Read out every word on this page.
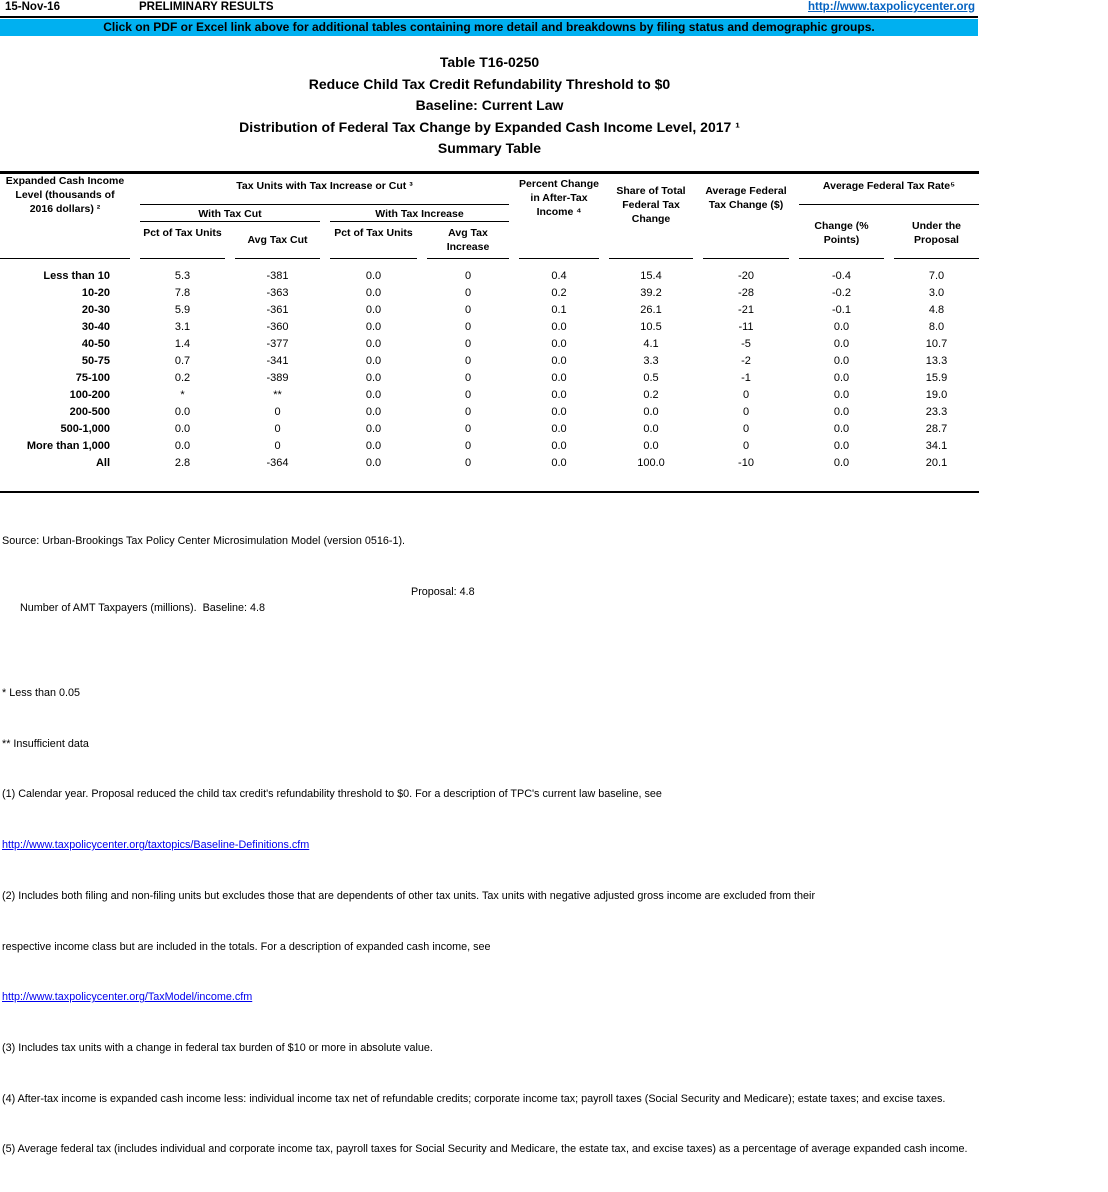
15-Nov-16	PRELIMINARY RESULTS	http://www.taxpolicycenter.org
Click on PDF or Excel link above for additional tables containing more detail and breakdowns by filing status and demographic groups.
Table T16-0250
Reduce Child Tax Credit Refundability Threshold to $0
Baseline: Current Law
Distribution of Federal Tax Change by Expanded Cash Income Level, 2017 ¹
Summary Table
Expanded Cash Income
Level (thousands of
2016 dollars) ²
Tax Units with Tax Increase or Cut ³	Average Federal Tax Rate⁵
With Tax Cut	With Tax Increase
Pct of Tax Units
Avg Tax Cut
Pct of Tax Units	Avg Tax Increase
Percent Change in After-Tax Income ⁴
Share of Total Federal Tax Change
Average Federal Tax Change ($)
Change (% Points)
Under the Proposal
Less than 10	5.3	-381	0.0	0	0.4	15.4	-20	-0.4	7.0
10-20	7.8	-363	0.0	0	0.2	39.2	-28	-0.2	3.0
20-30	5.9	-361	0.0	0	0.1	26.1	-21	-0.1	4.8
30-40	3.1	-360	0.0	0	0.0	10.5	-11	0.0	8.0
40-50	1.4	-377	0.0	0	0.0	4.1	-5	0.0	10.7
50-75	0.7	-341	0.0	0	0.0	3.3	-2	0.0	13.3
75-100	0.2	-389	0.0	0	0.0	0.5	-1	0.0	15.9
100-200	*	**	0.0	0	0.0	0.2	0	0.0	19.0
200-500	0.0	0	0.0	0	0.0	0.0	0	0.0	23.3
500-1,000	0.0	0	0.0	0	0.0	0.0	0	0.0	28.7
More than 1,000	0.0	0	0.0	0	0.0	0.0	0	0.0	34.1
All	2.8	-364	0.0	0	0.0	100.0	-10	0.0	20.1

Source: Urban-Brookings Tax Policy Center Microsimulation Model (version 0516-1).

Number of AMT Taxpayers (millions).  Baseline: 4.8

Proposal: 4.8

* Less than 0.05

** Insufficient data

(1) Calendar year. Proposal reduced the child tax credit's refundability threshold to $0. For a description of TPC's current law baseline, see

http://www.taxpolicycenter.org/taxtopics/Baseline-Definitions.cfm

(2) Includes both filing and non-filing units but excludes those that are dependents of other tax units. Tax units with negative adjusted gross income are excluded from their

respective income class but are included in the totals. For a description of expanded cash income, see

http://www.taxpolicycenter.org/TaxModel/income.cfm

(3) Includes tax units with a change in federal tax burden of $10 or more in absolute value.

(4) After-tax income is expanded cash income less: individual income tax net of refundable credits; corporate income tax; payroll taxes (Social Security and Medicare); estate taxes; and excise taxes.

(5) Average federal tax (includes individual and corporate income tax, payroll taxes for Social Security and Medicare, the estate tax, and excise taxes) as a percentage of average expanded cash income.
